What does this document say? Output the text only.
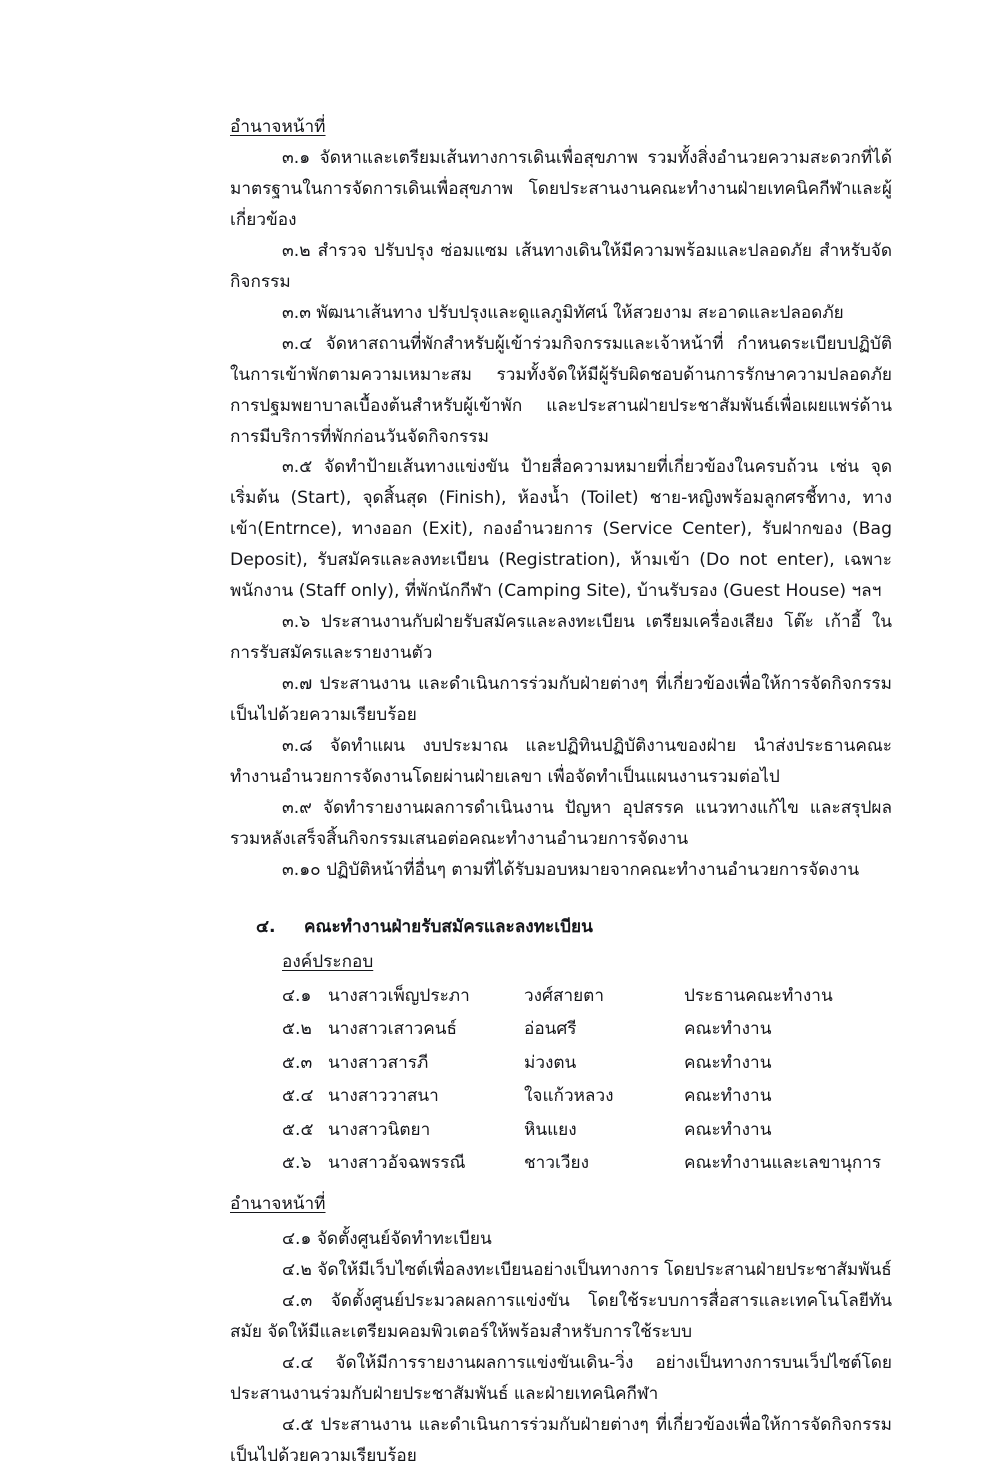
อำนาจหน้าที่

๓.๑ จัดหาและเตรียมเส้นทางการเดินเพื่อสุขภาพ รวมทั้งสิ่งอำนวยความสะดวกที่ได้มาตรฐานในการจัดการเดินเพื่อสุขภาพ โดยประสานงานคณะทำงานฝ่ายเทคนิคกีฬาและผู้เกี่ยวข้อง

๓.๒ สำรวจ ปรับปรุง ซ่อมแซม เส้นทางเดินให้มีความพร้อมและปลอดภัย สำหรับจัดกิจกรรม

๓.๓ พัฒนาเส้นทาง ปรับปรุงและดูแลภูมิทัศน์ ให้สวยงาม สะอาดและปลอดภัย

๓.๔ จัดหาสถานที่พักสำหรับผู้เข้าร่วมกิจกรรมและเจ้าหน้าที่ กำหนดระเบียบปฏิบัติในการเข้าพักตามความเหมาะสม รวมทั้งจัดให้มีผู้รับผิดชอบด้านการรักษาความปลอดภัย การปฐมพยาบาลเบื้องต้นสำหรับผู้เข้าพัก และประสานฝ่ายประชาสัมพันธ์เพื่อเผยแพร่ด้านการมีบริการที่พักก่อนวันจัดกิจกรรม

๓.๕ จัดทำป้ายเส้นทางแข่งขัน ป้ายสื่อความหมายที่เกี่ยวข้องในครบถ้วน เช่น จุดเริ่มต้น (Start), จุดสิ้นสุด (Finish), ห้องน้ำ (Toilet) ชาย-หญิงพร้อมลูกศรชี้ทาง, ทางเข้า(Entrnce), ทางออก (Exit), กองอำนวยการ (Service Center), รับฝากของ (Bag Deposit), รับสมัครและลงทะเบียน (Registration), ห้ามเข้า (Do not enter), เฉพาะพนักงาน (Staff only), ที่พักนักกีฬา (Camping Site), บ้านรับรอง (Guest House) ฯลฯ

๓.๖ ประสานงานกับฝ่ายรับสมัครและลงทะเบียน เตรียมเครื่องเสียง โต๊ะ เก้าอี้ ในการรับสมัครและรายงานตัว

๓.๗ ประสานงาน และดำเนินการร่วมกับฝ่ายต่างๆ ที่เกี่ยวข้องเพื่อให้การจัดกิจกรรมเป็นไปด้วยความเรียบร้อย

๓.๘ จัดทำแผน งบประมาณ และปฏิทินปฏิบัติงานของฝ่าย นำส่งประธานคณะทำงานอำนวยการจัดงานโดยผ่านฝ่ายเลขา เพื่อจัดทำเป็นแผนงานรวมต่อไป

๓.๙ จัดทำรายงานผลการดำเนินงาน ปัญหา อุปสรรค แนวทางแก้ไข และสรุปผลรวมหลังเสร็จสิ้นกิจกรรมเสนอต่อคณะทำงานอำนวยการจัดงาน

๓.๑๐ ปฏิบัติหน้าที่อื่นๆ ตามที่ได้รับมอบหมายจากคณะทำงานอำนวยการจัดงาน

๔.	คณะทำงานฝ่ายรับสมัครและลงทะเบียน
องค์ประกอบ
๔.๑ นางสาวเพ็ญประภา	วงศ์สายตา	ประธานคณะทำงาน
๕.๒ นางสาวเสาวคนธ์	อ่อนศรี	คณะทำงาน
๕.๓ นางสาวสารภี	ม่วงตน	คณะทำงาน
๕.๔ นางสาววาสนา	ใจแก้วหลวง	คณะทำงาน
๕.๕ นางสาวนิตยา	หินแยง	คณะทำงาน
๕.๖ นางสาวอัจฉพรรณี	ชาวเวียง	คณะทำงานและเลขานุการ
อำนาจหน้าที่

๔.๑ จัดตั้งศูนย์จัดทำทะเบียน

๔.๒ จัดให้มีเว็บไซต์เพื่อลงทะเบียนอย่างเป็นทางการ โดยประสานฝ่ายประชาสัมพันธ์

๔.๓ จัดตั้งศูนย์ประมวลผลการแข่งขัน โดยใช้ระบบการสื่อสารและเทคโนโลยีทันสมัย จัดให้มีและเตรียมคอมพิวเตอร์ให้พร้อมสำหรับการใช้ระบบ

๔.๔ จัดให้มีการรายงานผลการแข่งขันเดิน-วิ่ง อย่างเป็นทางการบนเว็ปไซต์โดยประสานงานร่วมกับฝ่ายประชาสัมพันธ์ และฝ่ายเทคนิคกีฬา

๔.๕ ประสานงาน และดำเนินการร่วมกับฝ่ายต่างๆ ที่เกี่ยวข้องเพื่อให้การจัดกิจกรรมเป็นไปด้วยความเรียบร้อย
